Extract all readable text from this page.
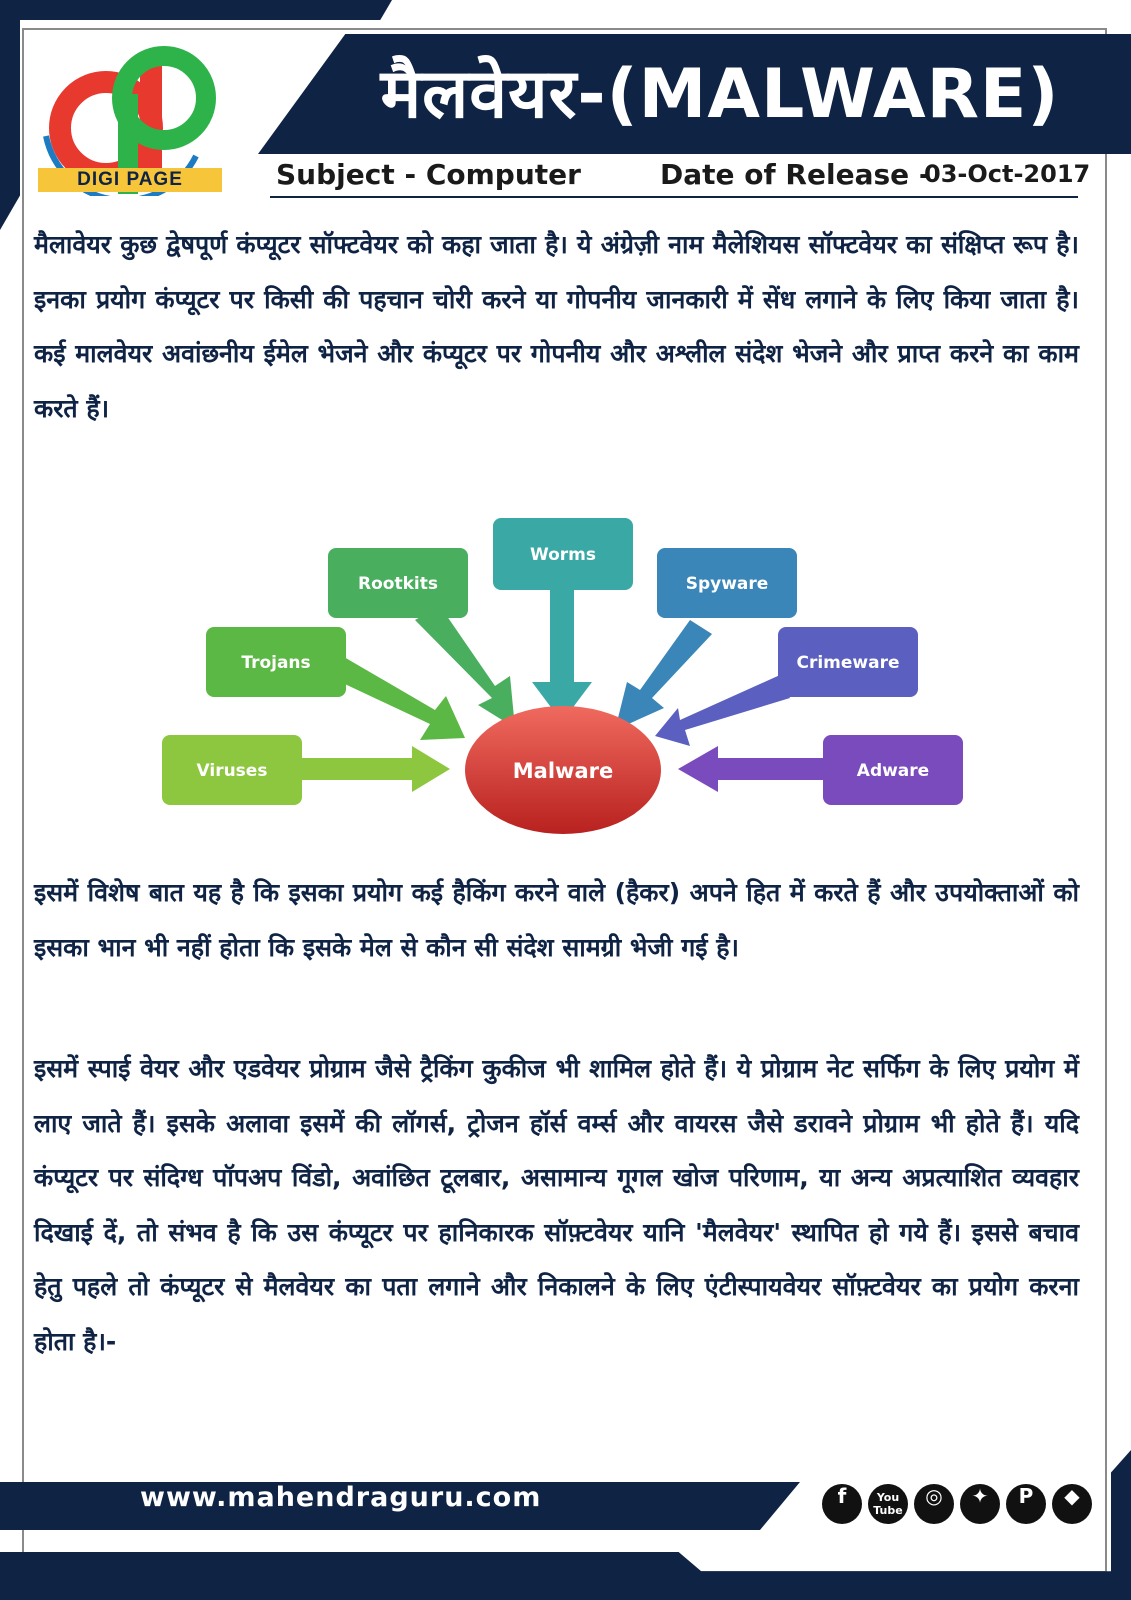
मैलवेयर-(MALWARE)
DIGI PAGE	Subject - Computer	Date of Release -
03-Oct-2017

मैलावेयर कुछ द्वेषपूर्ण कंप्यूटर सॉफ्टवेयर को कहा जाता है। ये अंग्रेज़ी नाम मैलेशियस सॉफ्टवेयर का संक्षिप्त रूप है। इनका प्रयोग कंप्यूटर पर किसी की पहचान चोरी करने या गोपनीय जानकारी में सेंध लगाने के लिए किया जाता है। कई मालवेयर अवांछनीय ईमेल भेजने और कंप्यूटर पर गोपनीय और अश्लील संदेश भेजने और प्राप्त करने का काम करते हैं।

Malware
Viruses
Trojans
Rootkits
Worms
Spyware
Crimeware
Adware

इसमें विशेष बात यह है कि इसका प्रयोग कई हैकिंग करने वाले (हैकर) अपने हित में करते हैं और उपयोक्ताओं को इसका भान भी नहीं होता कि इसके मेल से कौन सी संदेश सामग्री भेजी गई है।

इसमें स्पाई वेयर और एडवेयर प्रोग्राम जैसे ट्रैकिंग कुकीज भी शामिल होते हैं। ये प्रोग्राम नेट सर्फिग के लिए प्रयोग में लाए जाते हैं। इसके अलावा इसमें की लॉगर्स, ट्रोजन हॉर्स वर्म्स और वायरस जैसे डरावने प्रोग्राम भी होते हैं। यदि कंप्यूटर पर संदिग्ध पॉपअप विंडो, अवांछित टूलबार, असामान्य गूगल खोज परिणाम, या अन्य अप्रत्याशित व्यवहार दिखाई दें, तो संभव है कि उस कंप्यूटर पर हानिकारक सॉफ़्टवेयर यानि 'मैलवेयर' स्थापित हो गये हैं। इससे बचाव हेतु पहले तो कंप्यूटर से मैलवेयर का पता लगाने और निकालने के लिए एंटीस्पायवेयर सॉफ़्टवेयर का प्रयोग करना होता है।-

www.mahendraguru.com	f	You Tube
◎	✦	P	◆
